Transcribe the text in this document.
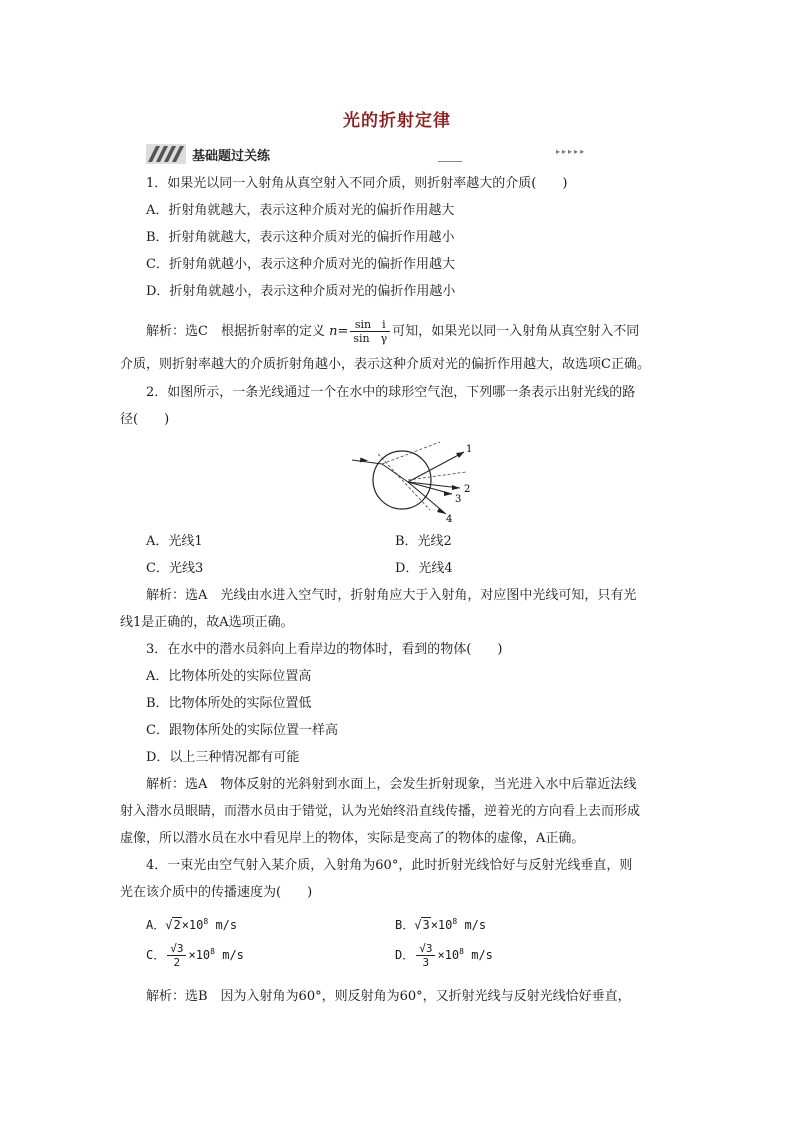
光的折射定律
基础题过关练	▸▸▸▸▸
1．如果光以同一入射角从真空射入不同介质，则折射率越大的介质(　　)
A．折射角就越大，表示这种介质对光的偏折作用越大
B．折射角就越大，表示这种介质对光的偏折作用越小
C．折射角就越小，表示这种介质对光的偏折作用越大
D．折射角就越小，表示这种介质对光的偏折作用越小
解析：选C　根据折射率的定义 $n= \frac{\text{sin　i}}{\text{sin　γ}}$ 可知，如果光以同一入射角从真空射入不同
介质，则折射率越大的介质折射角越小，表示这种介质对光的偏折作用越大，故选项C正确。
2．如图所示，一条光线通过一个在水中的球形空气泡，下列哪一条表示出射光线的路
径(　　)
1
2
3
4
A．光线1	B．光线2
C．光线3	D．光线4
解析：选A　光线由水进入空气时，折射角应大于入射角，对应图中光线可知，只有光
线1是正确的，故A选项正确。
3．在水中的潜水员斜向上看岸边的物体时，看到的物体(　　)
A．比物体所处的实际位置高
B．比物体所处的实际位置低
C．跟物体所处的实际位置一样高
D．以上三种情况都有可能
解析：选A　物体反射的光斜射到水面上，会发生折射现象，当光进入水中后靠近法线
射入潜水员眼睛，而潜水员由于错觉，认为光始终沿直线传播，逆着光的方向看上去而形成
虚像，所以潜水员在水中看见岸上的物体，实际是变高了的物体的虚像，A正确。
4．一束光由空气射入某介质，入射角为60°，此时折射光线恰好与反射光线垂直，则
光在该介质中的传播速度为(　　)
A．$√2\times 10^8$ m/s	B．$√3\times 10^8$ m/s
C． $\frac{√3}{2} \times 10^8$ m/s	D． $\frac{√3}{3} \times 10^8$ m/s
解析：选B　因为入射角为60°，则反射角为60°，又折射光线与反射光线恰好垂直，
